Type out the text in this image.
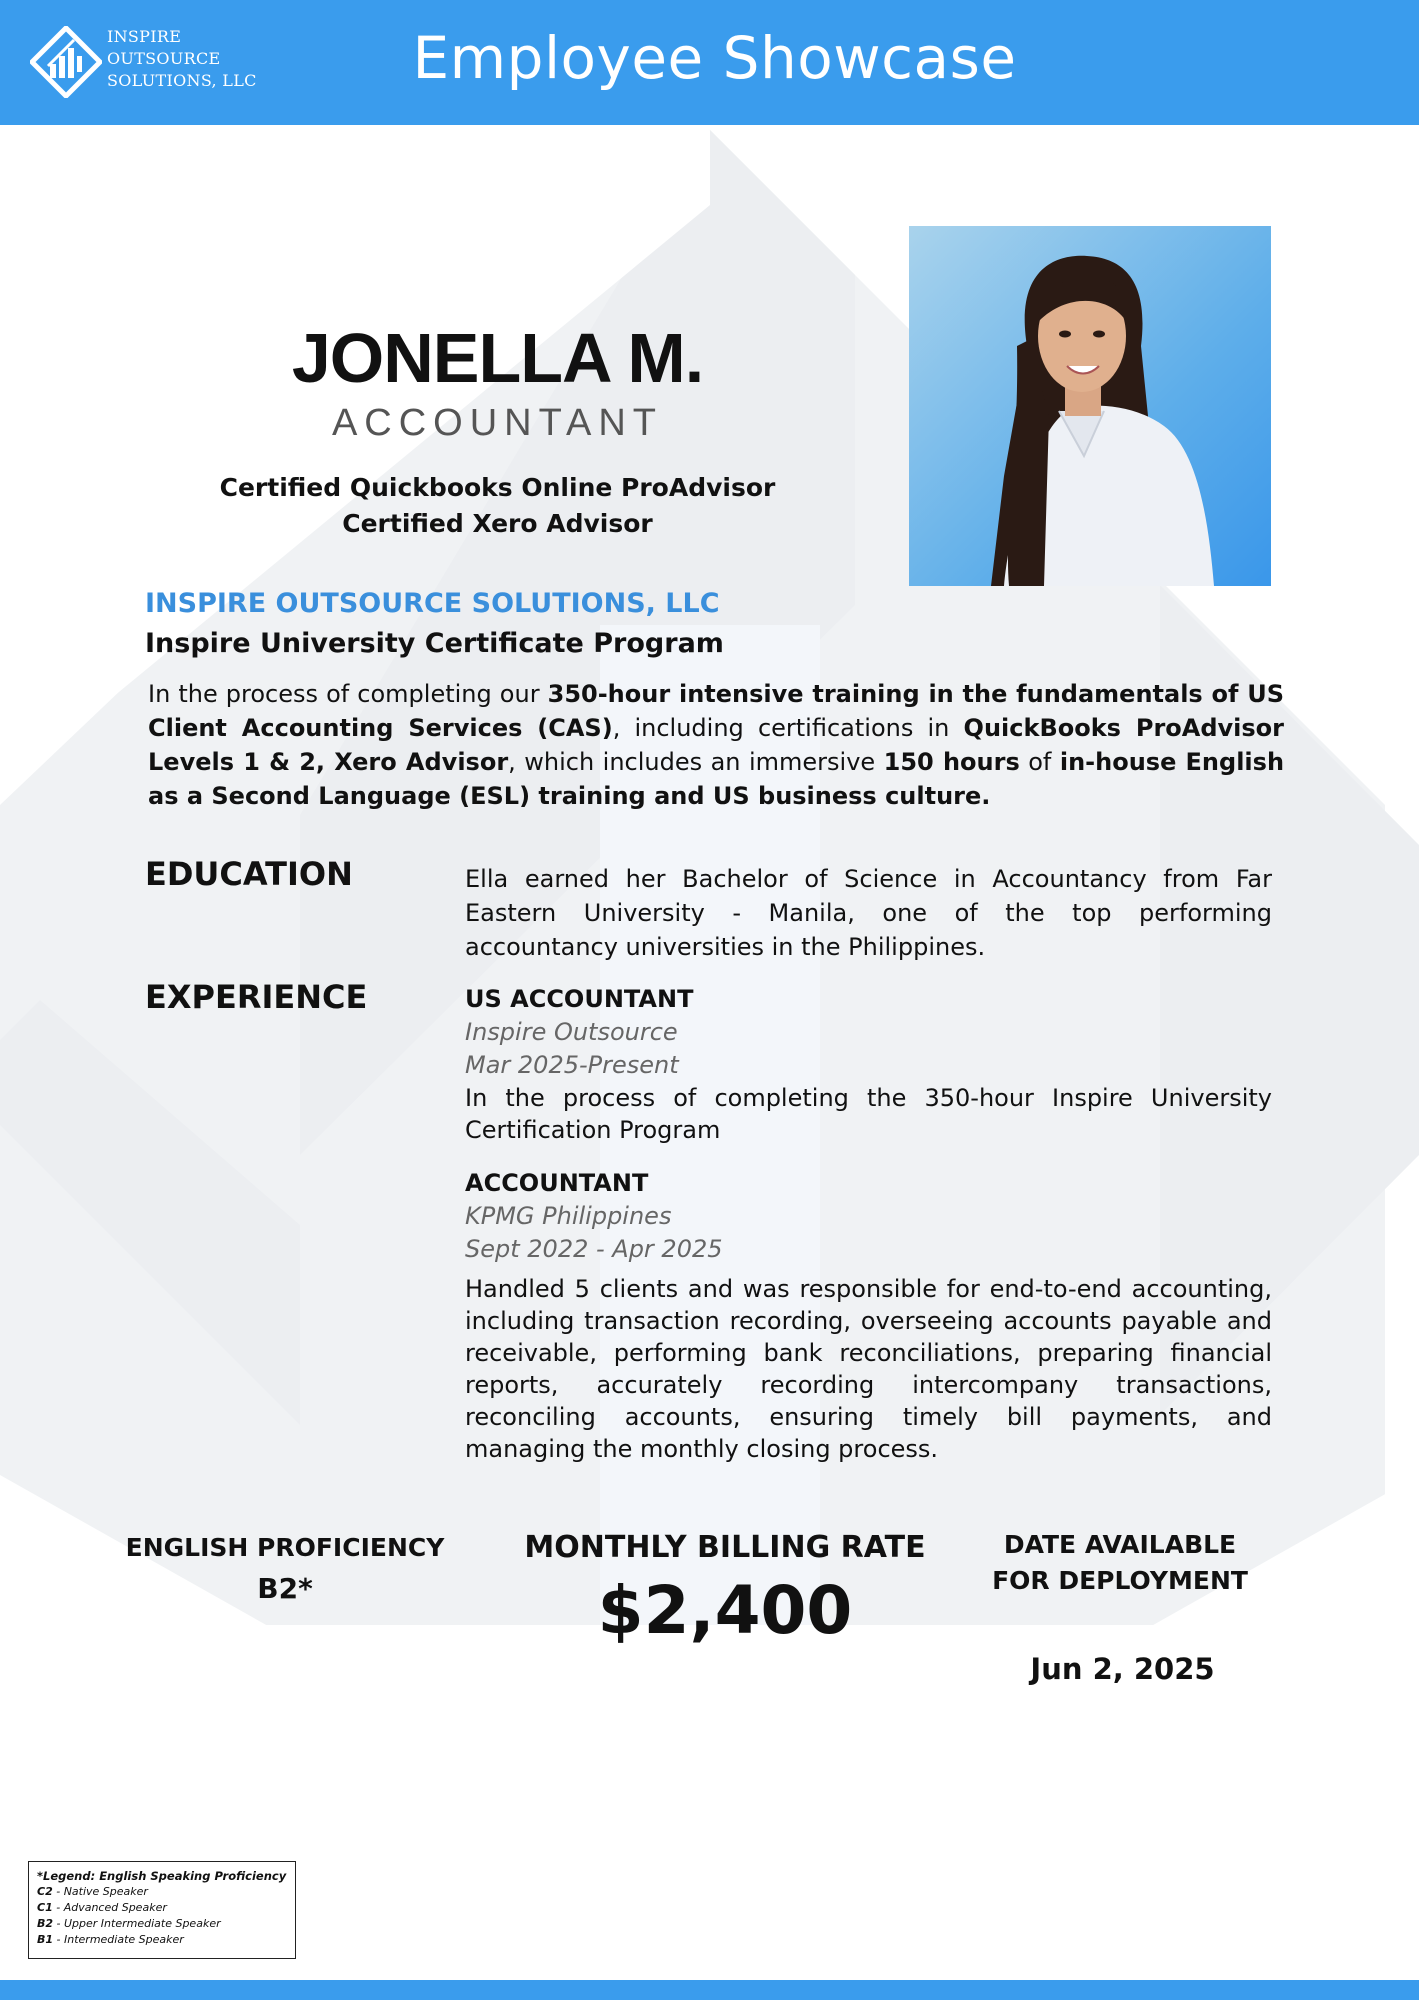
INSPIRE
OUTSOURCE
SOLUTIONS, LLC	Employee Showcase
JONELLA M.
ACCOUNTANT
Certified Quickbooks Online ProAdvisor
Certified Xero Advisor
INSPIRE OUTSOURCE SOLUTIONS, LLC
Inspire University Certificate Program
In the process of completing our 350-hour intensive training in the fundamentals of US Client Accounting Services (CAS), including certifications in QuickBooks ProAdvisor Levels 1 & 2, Xero Advisor, which includes an immersive 150 hours of in-house English as a Second Language (ESL) training and US business culture.
EDUCATION	Ella earned her Bachelor of Science in Accountancy from Far Eastern University - Manila, one of the top performing accountancy universities in the Philippines.
EXPERIENCE	US ACCOUNTANT
Inspire Outsource
Mar 2025-Present
In the process of completing the 350-hour Inspire University Certification Program
ACCOUNTANT
KPMG Philippines
Sept 2022 - Apr 2025
Handled 5 clients and was responsible for end-to-end accounting, including transaction recording, overseeing accounts payable and receivable, performing bank reconciliations, preparing financial reports, accurately recording intercompany transactions, reconciling accounts, ensuring timely bill payments, and managing the monthly closing process.
ENGLISH PROFICIENCY
B2*
MONTHLY BILLING RATE
$2,400
DATE AVAILABLE
FOR DEPLOYMENT
Jun 2, 2025
*Legend: English Speaking Proficiency
C2 - Native Speaker
C1 - Advanced Speaker
B2 - Upper Intermediate Speaker
B1 - Intermediate Speaker
